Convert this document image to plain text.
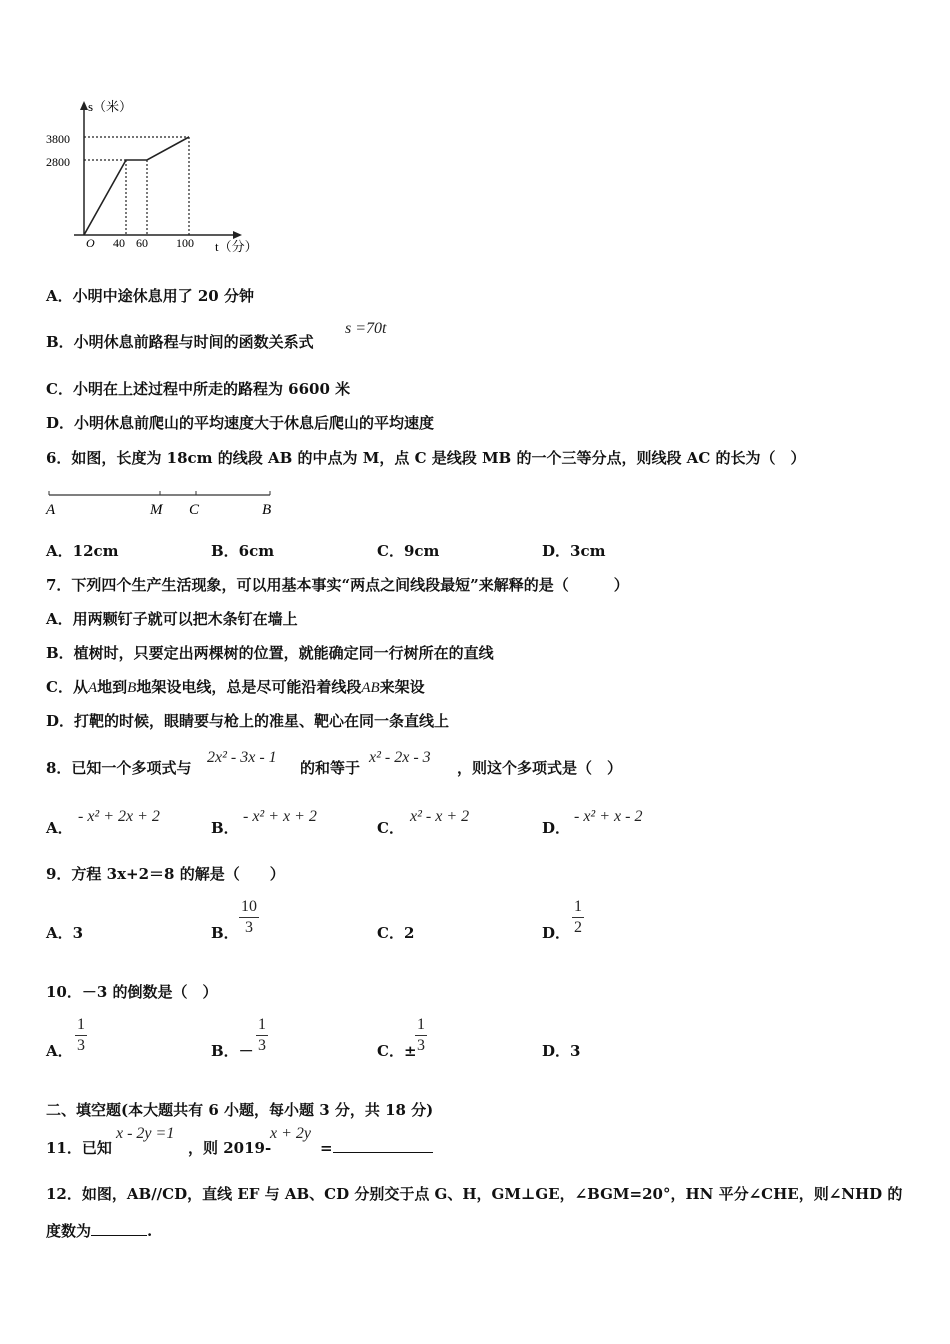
s（米）
t（分）
3800
2800
O 40 60 100
A．小明中途休息用了 20 分钟
B．小明休息前路程与时间的函数关系式
s =70t
C．小明在上述过程中所走的路程为 6600 米
D．小明休息前爬山的平均速度大于休息后爬山的平均速度
6．如图，长度为 18cm 的线段 AB 的中点为 M，点 C 是线段 MB 的一个三等分点，则线段 AC 的长为（　）
A	M C	B
A．12cm	B．6cm	C．9cm	D．3cm
7．下列四个生产生活现象，可以用基本事实“两点之间线段最短”来解释的是（　　　）
A．用两颗钉子就可以把木条钉在墙上
B．植树时，只要定出两棵树的位置，就能确定同一行树所在的直线
C．从A地到B地架设电线，总是尽可能沿着线段AB来架设
D．打靶的时候，眼睛要与枪上的准星、靶心在同一条直线上
8．已知一个多项式与
2x² - 3x - 1
的和等于
x² - 2x - 3
，则这个多项式是（　）
A．
- x² + 2x + 2
B．
- x² + x + 2
C．
x² - x + 2
D．
- x² + x - 2
9．方程 3x+2＝8 的解是（　　）
A．3	B．
10
3	C．2	D．
1
2
10．－3 的倒数是（　）
A．
1
3	B．－
1
3	C．±
1
3	D．3
二、填空题(本大题共有 6 小题，每小题 3 分，共 18 分)
11．已知
x - 2y =1
，则 2019-
x + 2y
=
12．如图，AB//CD，直线 EF 与 AB、CD 分别交于点 G、H，GM⊥GE，∠BGM=20°，HN 平分∠CHE，则∠NHD 的
度数为	.
